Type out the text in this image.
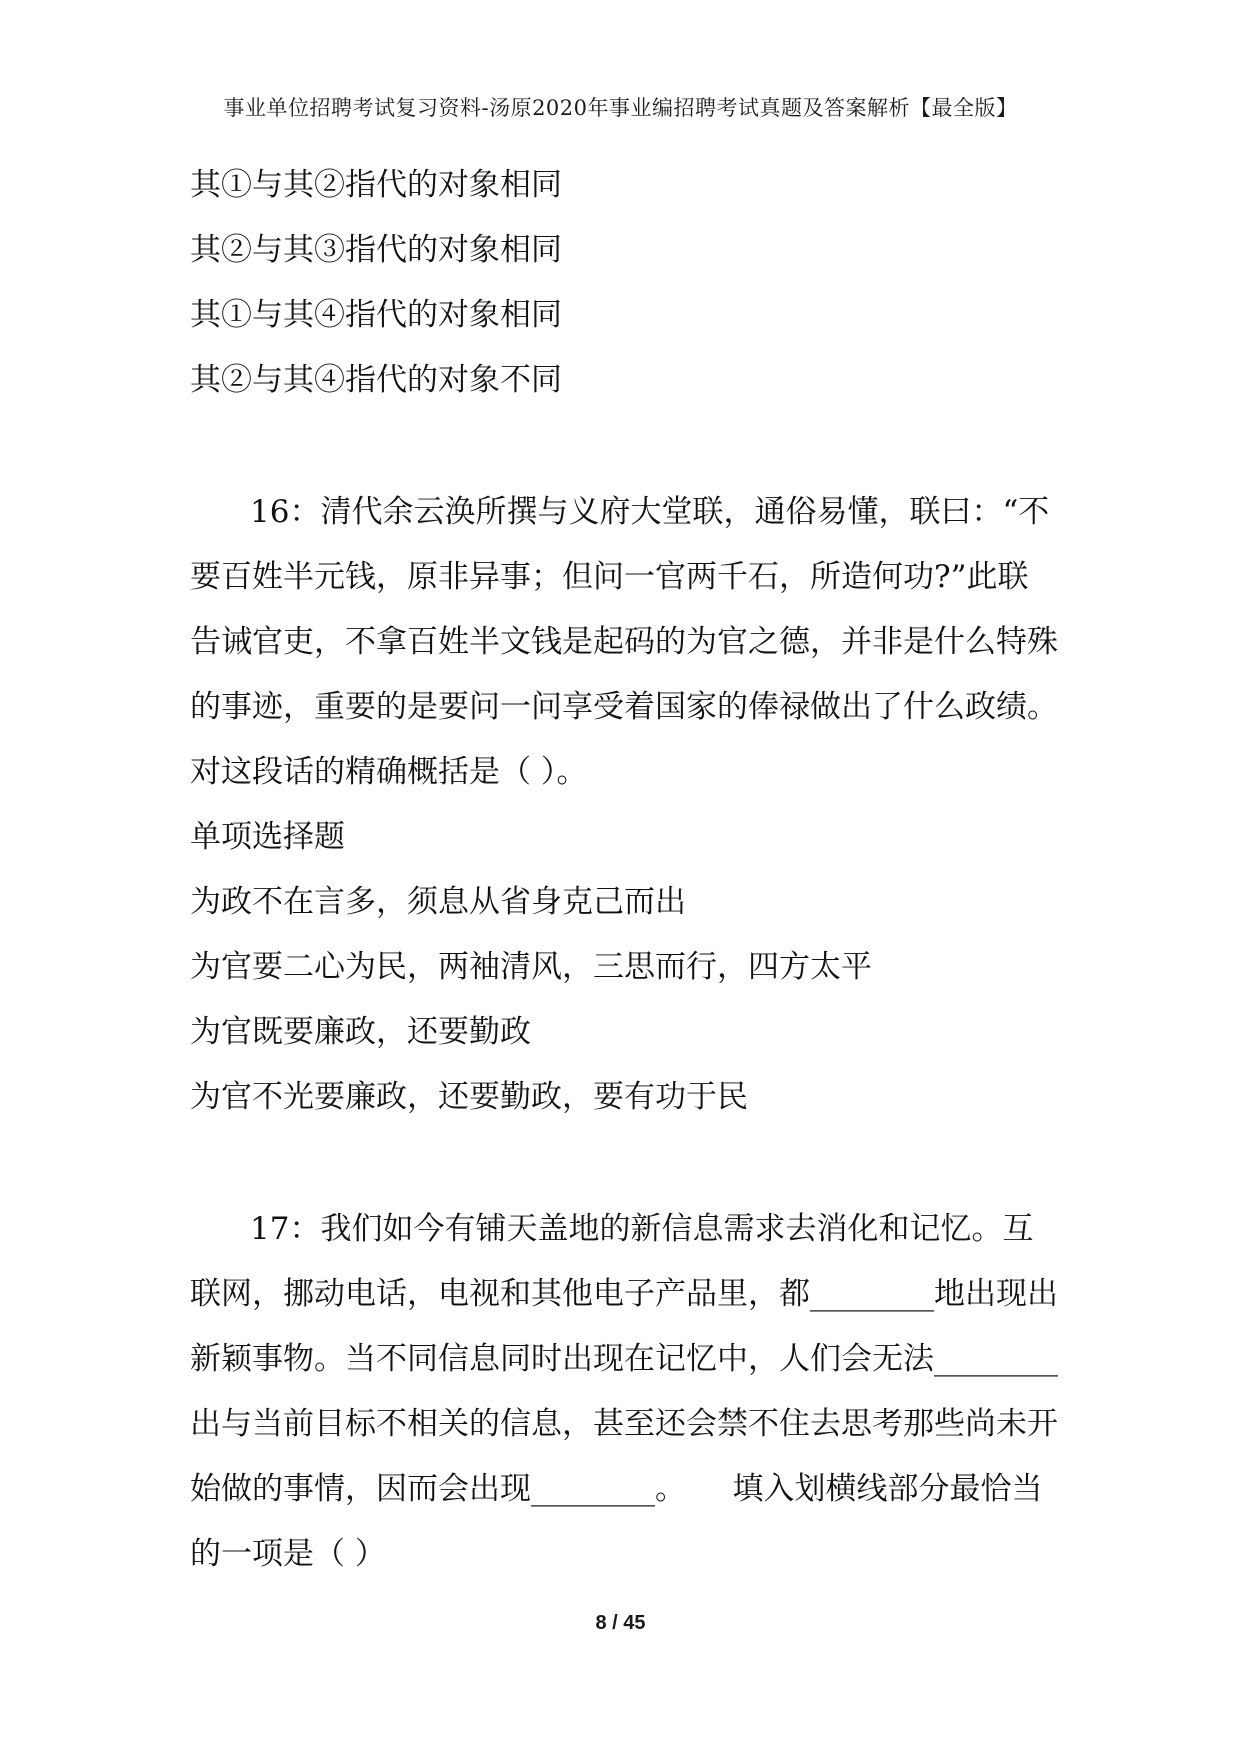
事业单位招聘考试复习资料-汤原2020年事业编招聘考试真题及答案解析【最全版】
其①与其②指代的对象相同
其②与其③指代的对象相同
其①与其④指代的对象相同
其②与其④指代的对象不同
16：清代余云涣所撰与义府大堂联，通俗易懂，联曰：“不
要百姓半元钱，原非异事；但问一官两千石，所造何功?”此联
告诫官吏，不拿百姓半文钱是起码的为官之德，并非是什么特殊
的事迹，重要的是要问一问享受着国家的俸禄做出了什么政绩。
对这段话的精确概括是（ ）。
单项选择题
为政不在言多，须息从省身克己而出
为官要二心为民，两袖清风，三思而行，四方太平
为官既要廉政，还要勤政
为官不光要廉政，还要勤政，要有功于民
17：我们如今有铺天盖地的新信息需求去消化和记忆。互
联网，挪动电话，电视和其他电子产品里，都________地出现出
新颖事物。当不同信息同时出现在记忆中，人们会无法________
出与当前目标不相关的信息，甚至还会禁不住去思考那些尚未开
始做的事情，因而会出现________。　　填入划横线部分最恰当
的一项是（ ）
8 / 45
